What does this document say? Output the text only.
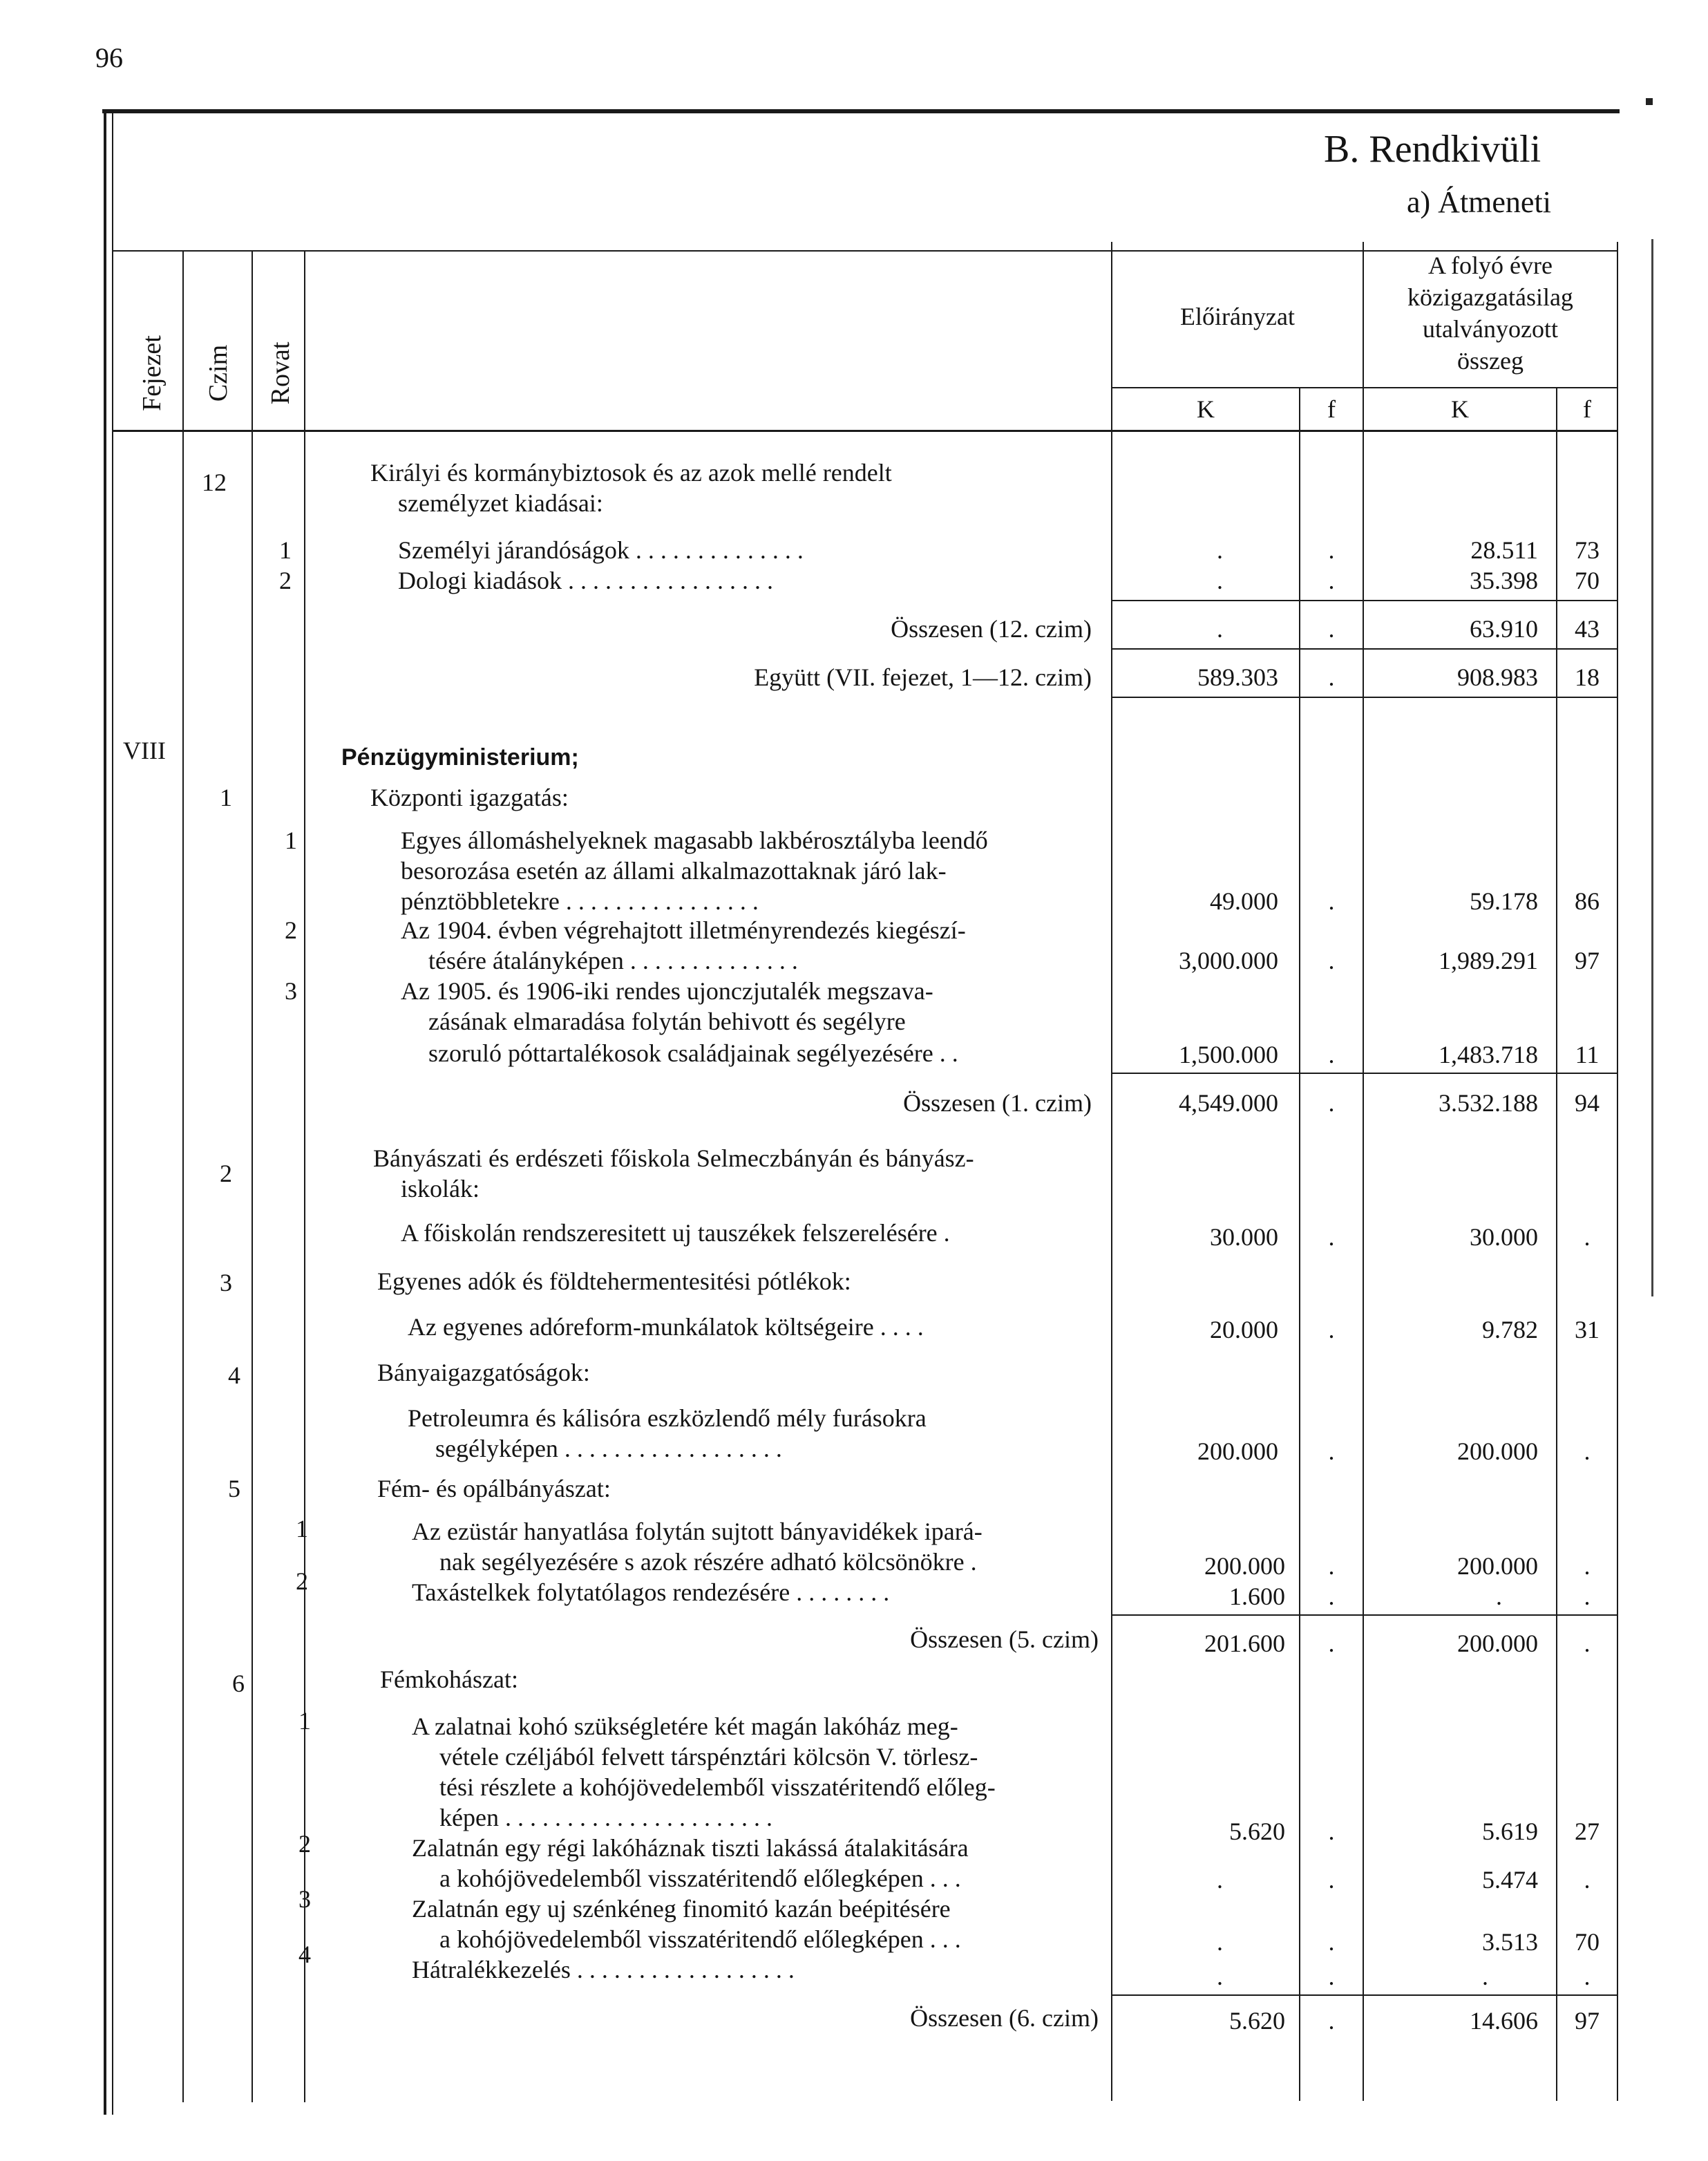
96
B. Rendkivüli
a) Átmeneti
Fejezet Czim Rovat
Előirányzat
A folyó évre
közigazgatásilag
utalványozott
összeg
K	f	K	f
12	Királyi és kormánybiztosok és az azok mellé rendelt
személyzet kiadásai:
1	Személyi járandóságok . . . . . . . . . . . . . .	.	.	28.511	73
2	Dologi kiadások . . . . . . . . . . . . . . . . .	.	.	35.398	70
Összesen (12. czim)	.	.	63.910	43
Együtt (VII. fejezet, 1—12. czim)	589.303	.	908.983	18
VIII	Pénzügyministerium;
1	Központi igazgatás:
1	Egyes állomáshelyeknek magasabb lakbérosztályba leendő
besorozása esetén az állami alkalmazottaknak járó lak-
pénztöbbletekre . . . . . . . . . . . . . . . .	49.000	.	59.178	86
2	Az 1904. évben végrehajtott illetményrendezés kiegészí-
tésére átalányképen . . . . . . . . . . . . . .	3,000.000	.	1,989.291	97
3	Az 1905. és 1906-iki rendes ujonczjutalék megszava-
zásának elmaradása folytán behivott és segélyre
szoruló póttartalékosok családjainak segélyezésére . .	1,500.000	.	1,483.718	11
Összesen (1. czim)	4,549.000	.	3.532.188	94
2
Bányászati és erdészeti főiskola Selmeczbányán és bányász-
iskolák:
A főiskolán rendszeresitett uj tauszékek felszerelésére .	30.000	.	30.000	.
3	Egyenes adók és földtehermentesitési pótlékok:
Az egyenes adóreform-munkálatok költségeire . . . .	20.000	.	9.782	31
4	Bányaigazgatóságok:
Petroleumra és kálisóra eszközlendő mély furásokra
segélyképen . . . . . . . . . . . . . . . . . .	200.000	.	200.000	.
5	Fém- és opálbányászat:
1	Az ezüstár hanyatlása folytán sujtott bányavidékek ipará-
nak segélyezésére s azok részére adható kölcsönökre .	200.000	.	200.000	.
2	Taxástelkek folytatólagos rendezésére . . . . . . . .	1.600	.	.	.
Összesen (5. czim)	201.600	.	200.000	.
6	Fémkohászat:
1	A zalatnai kohó szükségletére két magán lakóház meg-
vétele czéljából felvett társpénztári kölcsön V. törlesz-
tési részlete a kohójövedelemből visszatéritendő előleg-
képen . . . . . . . . . . . . . . . . . . . . . .	5.620	.	5.619	27
2	Zalatnán egy régi lakóháznak tiszti lakássá átalakitására
a kohójövedelemből visszatéritendő előlegképen . . .	.	.	5.474	.
3	Zalatnán egy uj szénkéneg finomitó kazán beépitésére
a kohójövedelemből visszatéritendő előlegképen . . .	.	.	3.513	70
4
Hátralékkezelés . . . . . . . . . . . . . . . . . .	.	.	.	.
Összesen (6. czim)	5.620	.	14.606	97
